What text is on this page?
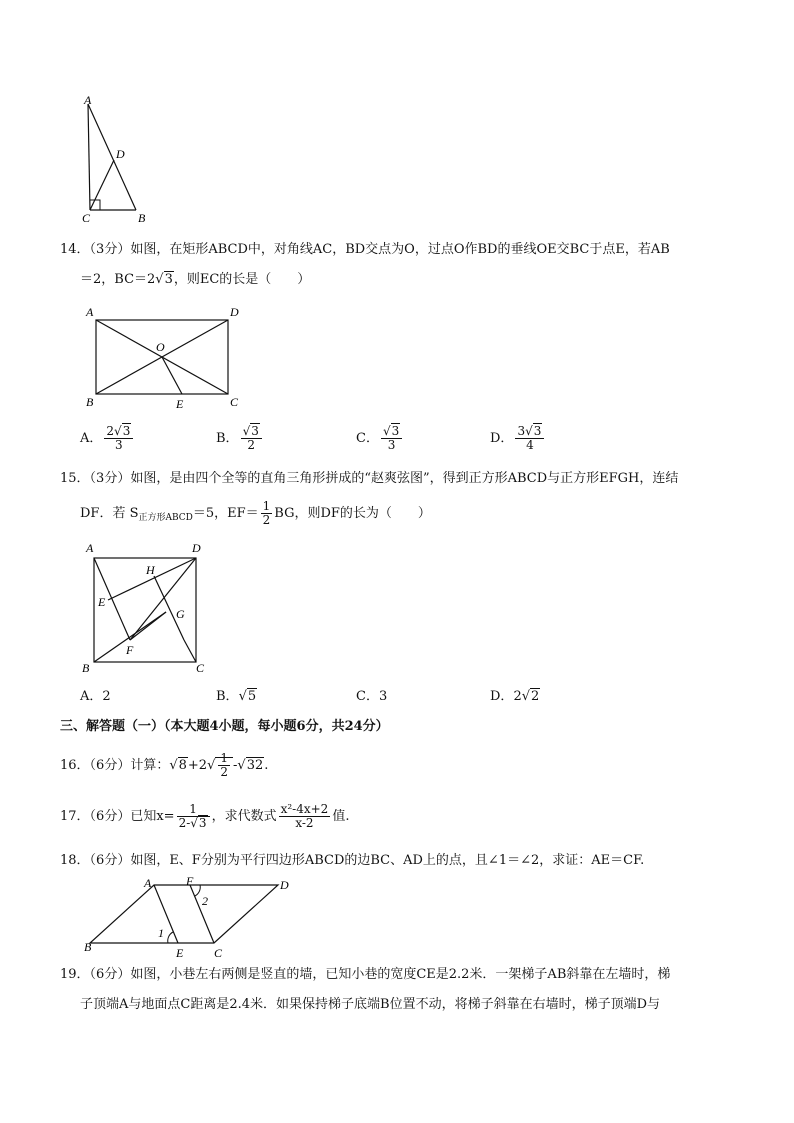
A
D
C	B
14．（3分）如图，在矩形ABCD中，对角线AC，BD交点为O，过点O作BD的垂线OE交BC于点E，若AB
＝2，BC＝2√3，则EC的长是（　　）
A	D
O
B	E	C
A． $\frac{2√3}{3}$	B． $\frac{√3}{2}$	C． $\frac{√3}{3}$	D． $\frac{3√3}{4}$
15．（3分）如图，是由四个全等的直角三角形拼成的“赵爽弦图”，得到正方形ABCD与正方形EFGH，连结
DF．若 $S_{正方形ABCD}=5$，$EF= \frac{1}{2}$ BG，则DF的长为（　　）
A	D
H
E
G
F
B	C
A．2	B．√5	C．3	D．2√2
三、解答题（一）（本大题4小题，每小题6分，共24分）
16．（6分）计算：$√8+2√ \frac{1}{2} -√32$.
17．（6分）已知$x= \frac{1}{2-√3}$ ，求代数式 $\frac{\text{x²-4x+2}}{x-2}$ 值.
18．（6分）如图，E、F分别为平行四边形ABCD的边BC、AD上的点，且∠1＝∠2，求证：AE＝CF.
A	F	D
2
1
B	E	C
19．（6分）如图，小巷左右两侧是竖直的墙，已知小巷的宽度CE是2.2米．一架梯子AB斜靠在左墙时，梯
子顶端A与地面点C距离是2.4米．如果保持梯子底端B位置不动，将梯子斜靠在右墙时，梯子顶端D与
